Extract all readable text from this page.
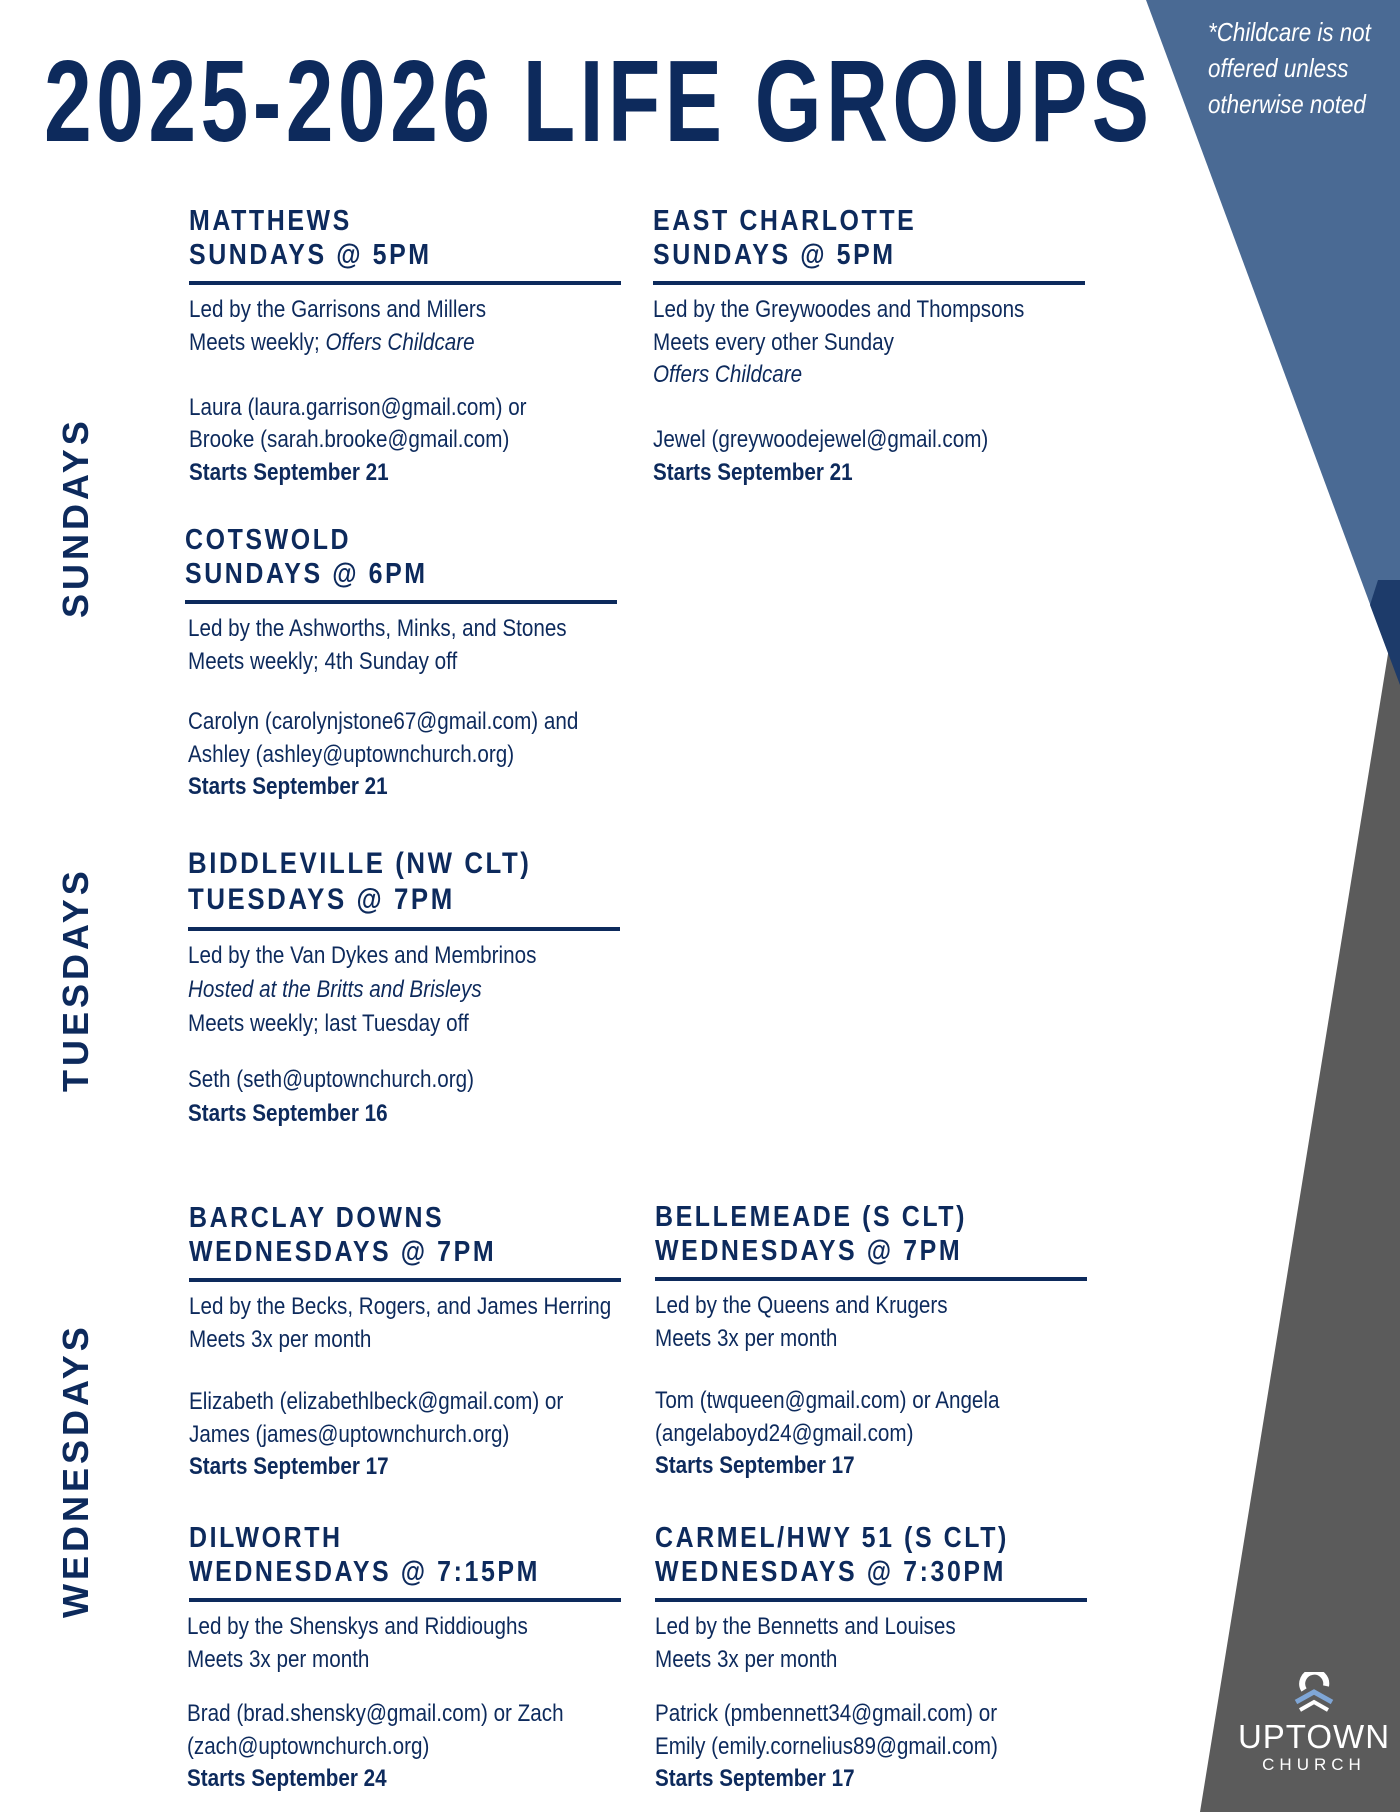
2025-2026 LIFE GROUPS
*Childcare is not offered unless otherwise noted
SUNDAYS
TUESDAYS
WEDNESDAYS
MATTHEWS
SUNDAYS @ 5PM
Led by the Garrisons and Millers
Meets weekly; Offers Childcare
Laura (laura.garrison@gmail.com) or
Brooke (sarah.brooke@gmail.com)
Starts September 21
EAST CHARLOTTE
SUNDAYS @ 5PM
Led by the Greywoodes and Thompsons
Meets every other Sunday
Offers Childcare
Jewel (greywoodejewel@gmail.com)
Starts September 21
COTSWOLD
SUNDAYS @ 6PM
Led by the Ashworths, Minks, and Stones
Meets weekly; 4th Sunday off
Carolyn (carolynjstone67@gmail.com) and
Ashley (ashley@uptownchurch.org)
Starts September 21
BIDDLEVILLE (NW CLT)
TUESDAYS @ 7PM
Led by the Van Dykes and Membrinos
Hosted at the Britts and Brisleys
Meets weekly; last Tuesday off
Seth (seth@uptownchurch.org)
Starts September 16
BARCLAY DOWNS
WEDNESDAYS @ 7PM
Led by the Becks, Rogers, and James Herring
Meets 3x per month
Elizabeth (elizabethlbeck@gmail.com) or
James (james@uptownchurch.org)
Starts September 17
BELLEMEADE (S CLT)
WEDNESDAYS @ 7PM
Led by the Queens and Krugers
Meets 3x per month
Tom (twqueen@gmail.com) or Angela
(angelaboyd24@gmail.com)
Starts September 17
DILWORTH
WEDNESDAYS @ 7:15PM
Led by the Shenskys and Riddioughs
Meets 3x per month
Brad (brad.shensky@gmail.com) or Zach
(zach@uptownchurch.org)
Starts September 24
CARMEL/HWY 51 (S CLT)
WEDNESDAYS @ 7:30PM
Led by the Bennetts and Louises
Meets 3x per month
Patrick (pmbennett34@gmail.com) or
Emily (emily.cornelius89@gmail.com)
Starts September 17
UPTOWN
CHURCH
